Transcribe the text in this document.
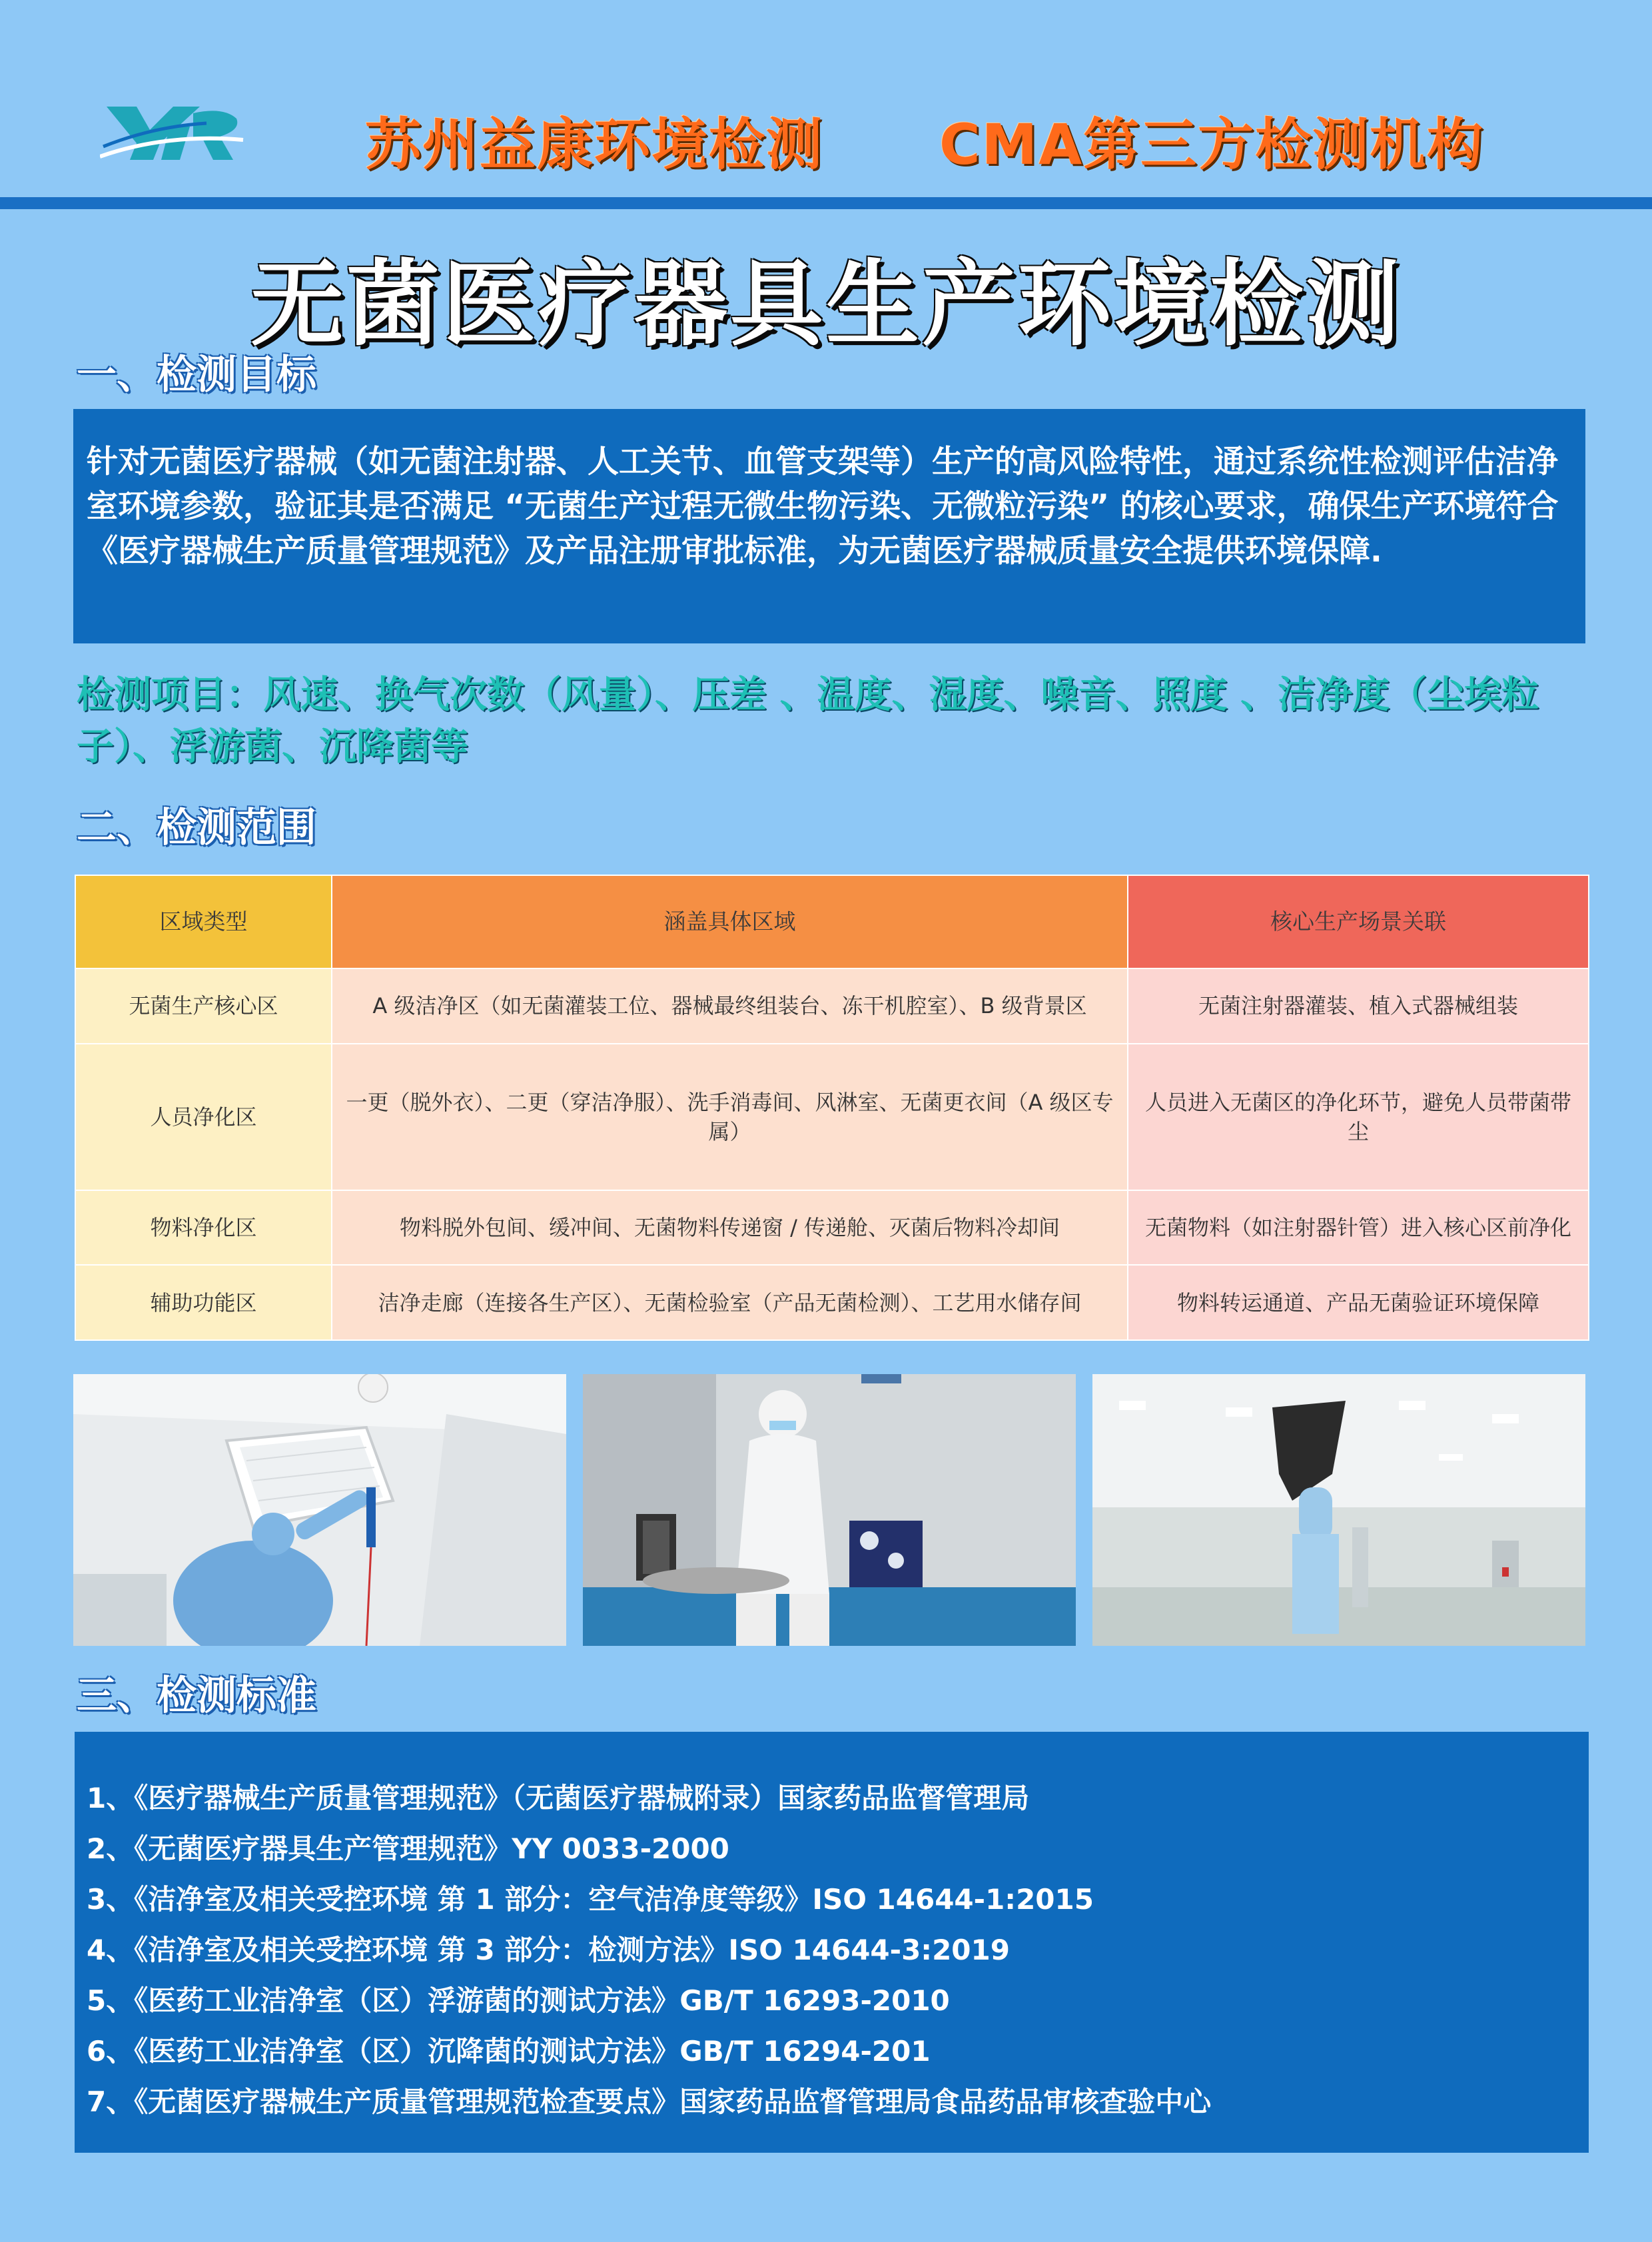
苏州益康环境检测 CMA第三方检测机构
无菌医疗器具生产环境检测
一、检测目标
针对无菌医疗器械（如无菌注射器、人工关节、血管支架等）生产的高风险特性，通过系统性检测评估洁净室环境参数，验证其是否满足 “无菌生产过程无微生物污染、无微粒污染” 的核心要求，确保生产环境符合《医疗器械生产质量管理规范》及产品注册审批标准，为无菌医疗器械质量安全提供环境保障.
检测项目：风速、换气次数（风量）、压差 、温度、湿度、噪音、照度 、洁净度（尘埃粒子）、浮游菌、沉降菌等
二、检测范围
区域类型	涵盖具体区域	核心生产场景关联
无菌生产核心区	A 级洁净区（如无菌灌装工位、器械最终组装台、冻干机腔室）、B 级背景区	无菌注射器灌装、植入式器械组装
人员净化区	一更（脱外衣）、二更（穿洁净服）、洗手消毒间、风淋室、无菌更衣间（A 级区专属）	人员进入无菌区的净化环节，避免人员带菌带尘
物料净化区	物料脱外包间、缓冲间、无菌物料传递窗 / 传递舱、灭菌后物料冷却间	无菌物料（如注射器针管）进入核心区前净化
辅助功能区	洁净走廊（连接各生产区）、无菌检验室（产品无菌检测）、工艺用水储存间	物料转运通道、产品无菌验证环境保障
三、检测标准
1、《医疗器械生产质量管理规范》（无菌医疗器械附录）国家药品监督管理局
2、《无菌医疗器具生产管理规范》YY 0033-2000
3、《洁净室及相关受控环境 第 1 部分：空气洁净度等级》ISO 14644-1:2015
4、《洁净室及相关受控环境 第 3 部分：检测方法》ISO 14644-3:2019
5、《医药工业洁净室（区）浮游菌的测试方法》GB/T 16293-2010
6、《医药工业洁净室（区）沉降菌的测试方法》GB/T 16294-201
7、《无菌医疗器械生产质量管理规范检查要点》国家药品监督管理局食品药品审核查验中心
